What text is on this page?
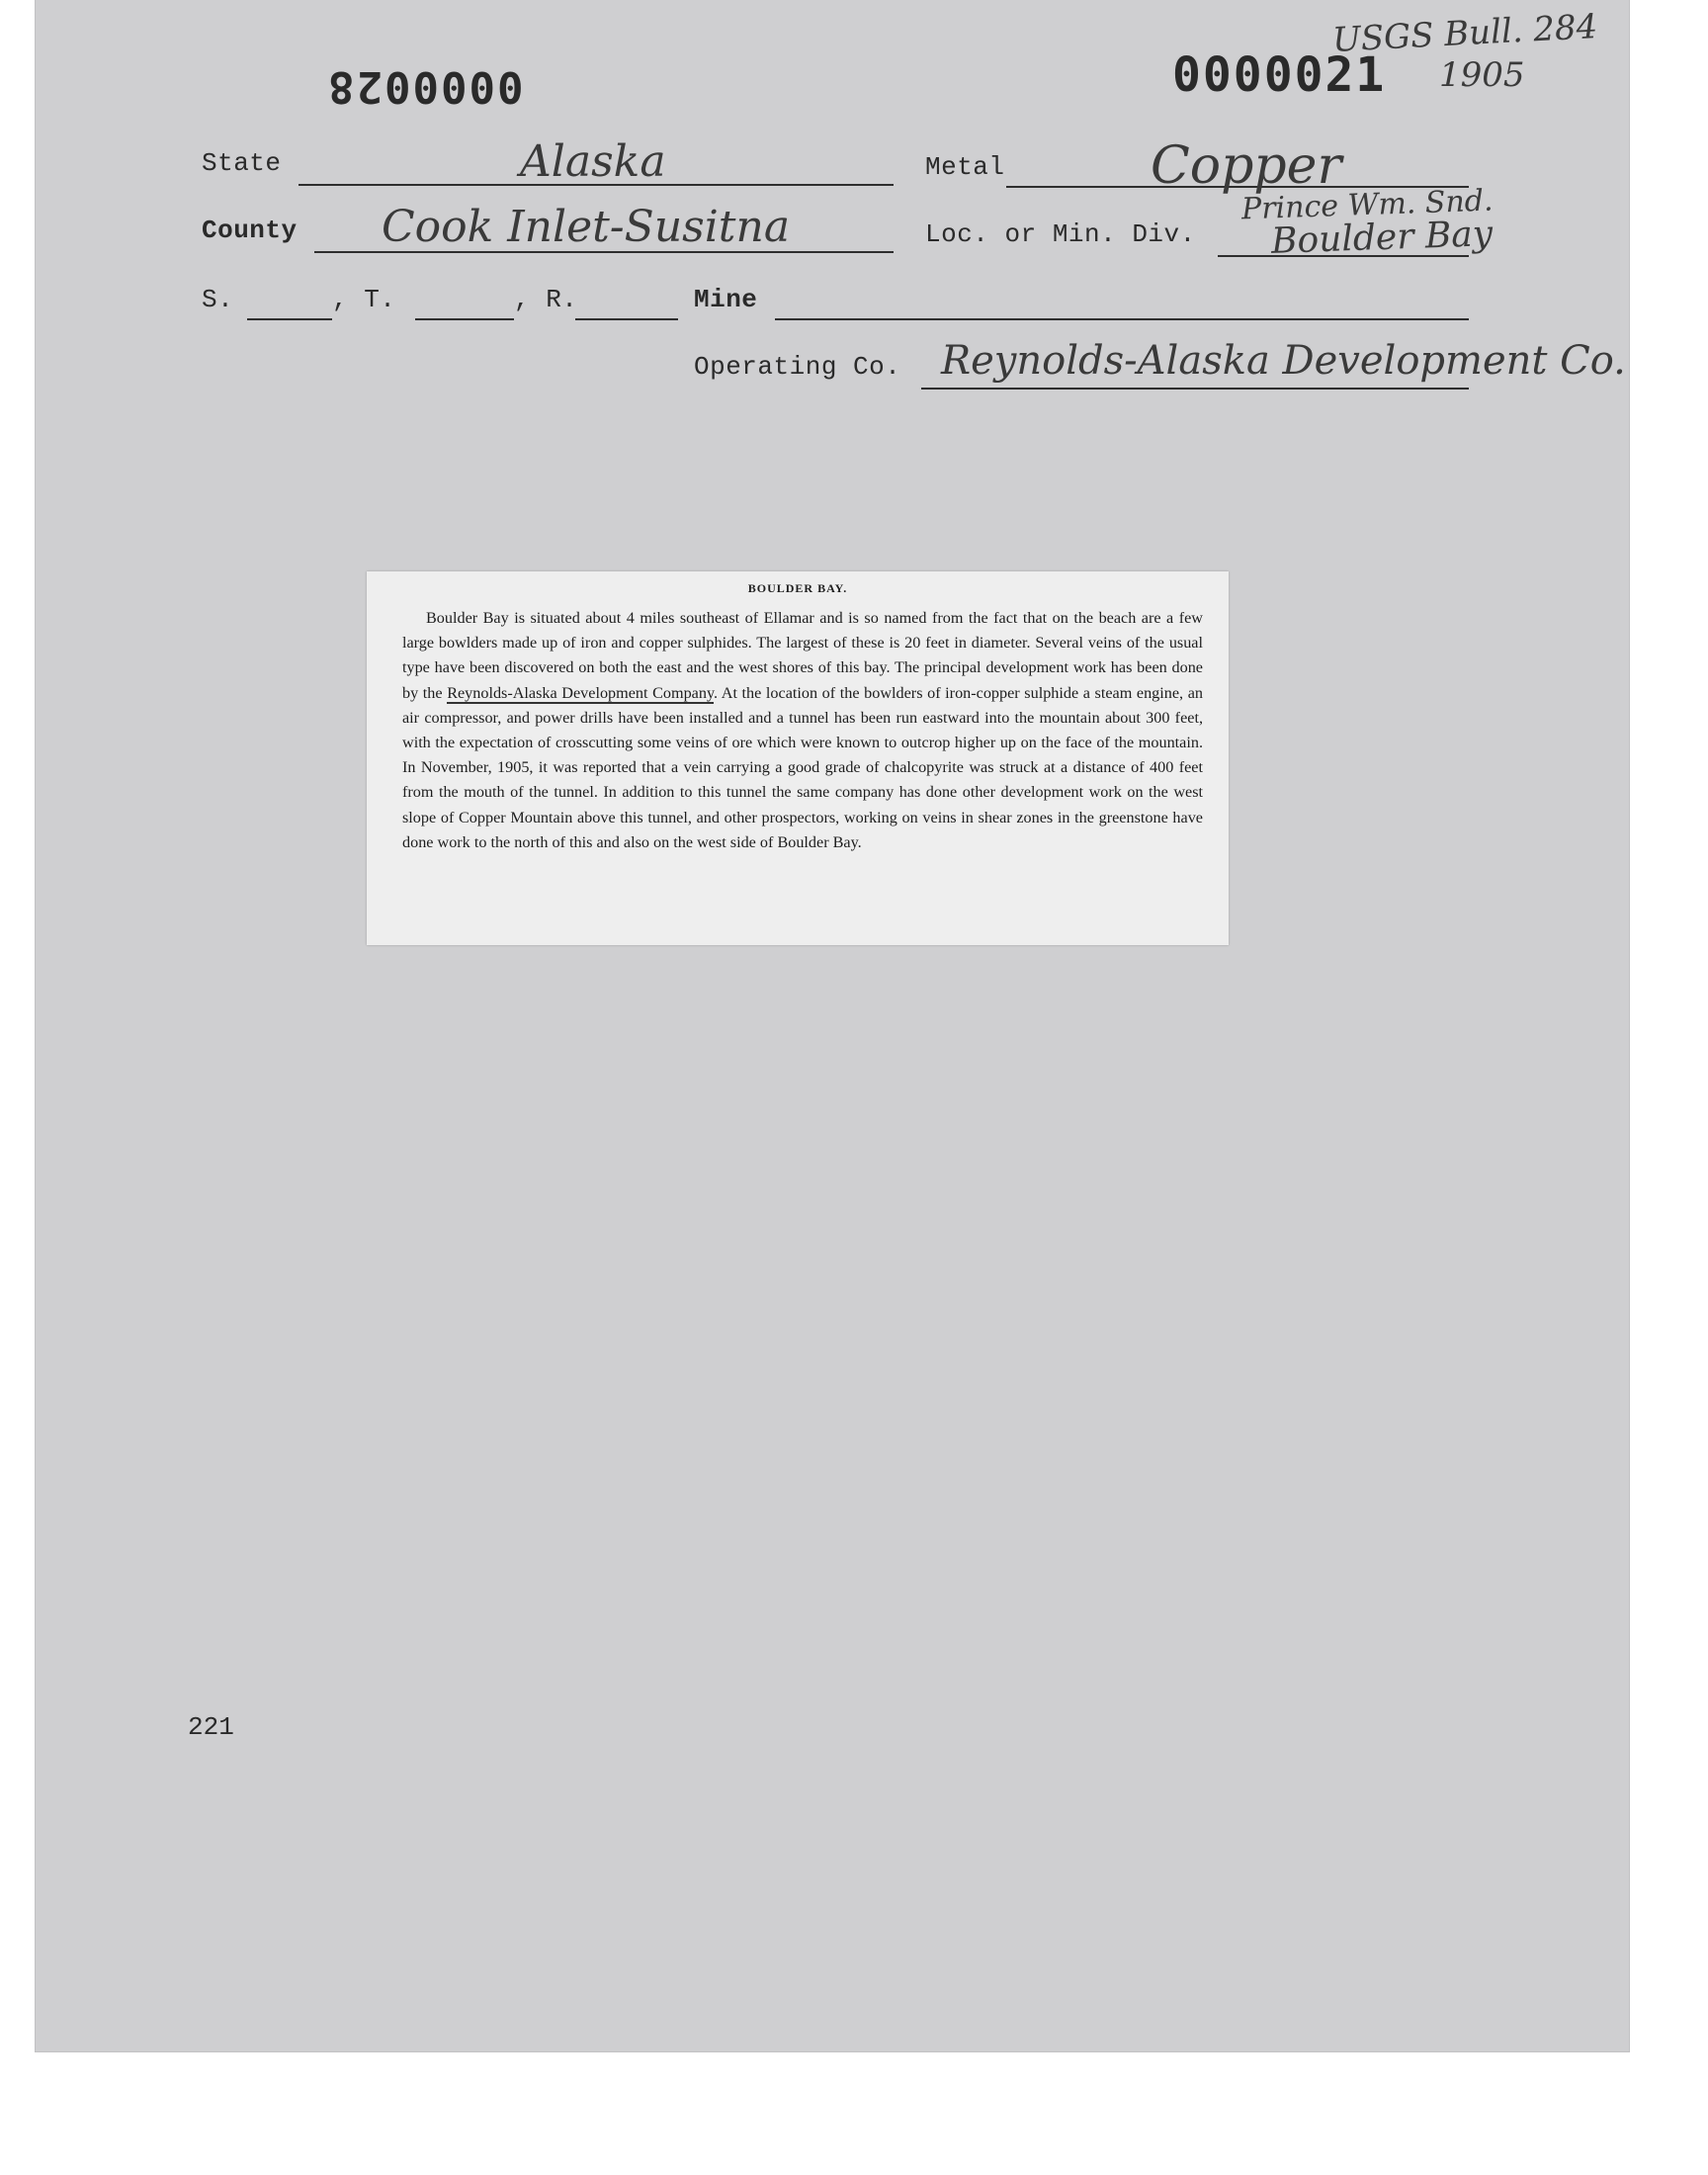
0000028	0000021
USGS Bull. 284
1905
State	Alaska	Metal	Copper
County Cook Inlet-Susitna	Loc. or Min. Div.
Prince Wm. Snd.
Boulder Bay
S.	, T.	, R.	Mine
Operating Co. Reynolds-Alaska Development Co.
BOULDER BAY.

Boulder Bay is situated about 4 miles southeast of Ellamar and is so named from the fact that on the beach are a few large bowlders made up of iron and copper sulphides. The largest of these is 20 feet in diameter. Several veins of the usual type have been discovered on both the east and the west shores of this bay. The principal development work has been done by the Reynolds-Alaska Development Company. At the location of the bowlders of iron-copper sulphide a steam engine, an air compressor, and power drills have been installed and a tunnel has been run eastward into the mountain about 300 feet, with the expectation of crosscutting some veins of ore which were known to outcrop higher up on the face of the mountain. In November, 1905, it was reported that a vein carrying a good grade of chalcopyrite was struck at a distance of 400 feet from the mouth of the tunnel. In addition to this tunnel the same company has done other development work on the west slope of Copper Mountain above this tunnel, and other prospectors, working on veins in shear zones in the greenstone have done work to the north of this and also on the west side of Boulder Bay.

221
